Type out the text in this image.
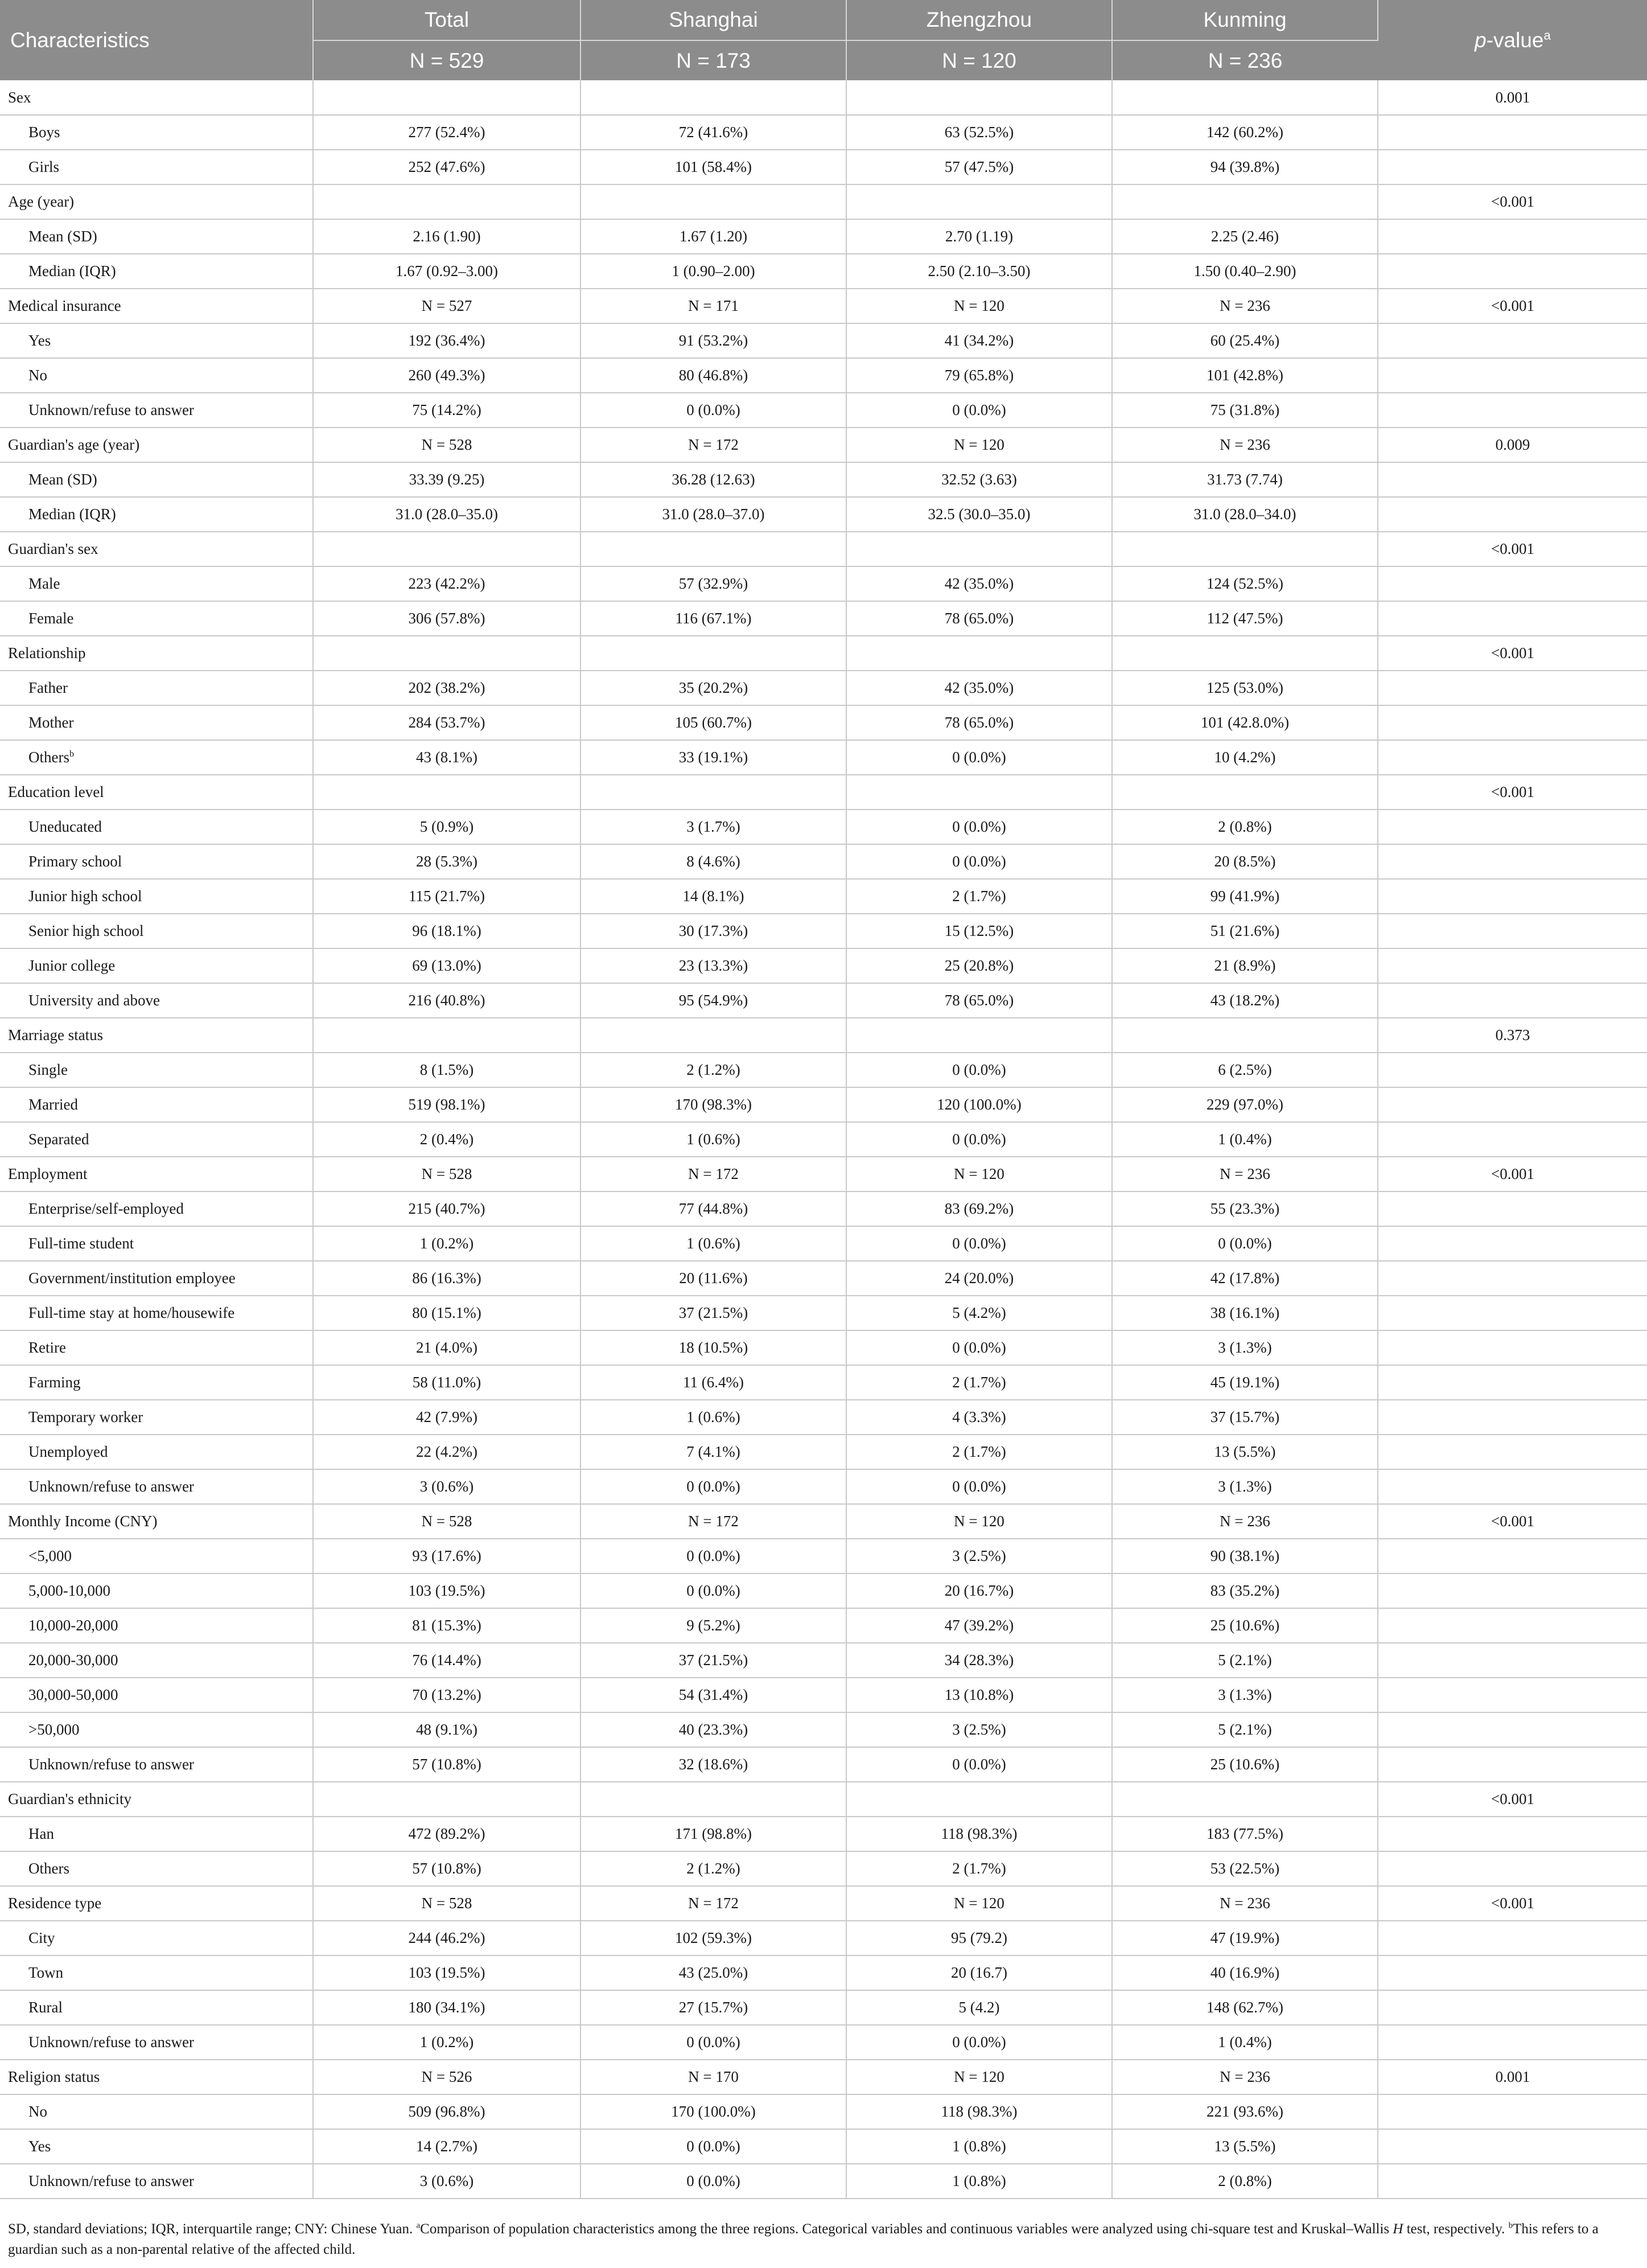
Characteristics	Total	Shanghai	Zhengzhou	Kunming	p-value$^a$
	N = 529	N = 173	N = 120	N = 236	
Sex					0.001
Boys	277 (52.4%)	72 (41.6%)	63 (52.5%)	142 (60.2%)	
Girls	252 (47.6%)	101 (58.4%)	57 (47.5%)	94 (39.8%)	
Age (year)					<0.001
Mean (SD)	2.16 (1.90)	1.67 (1.20)	2.70 (1.19)	2.25 (2.46)	
Median (IQR)	1.67 (0.92–3.00)	1 (0.90–2.00)	2.50 (2.10–3.50)	1.50 (0.40–2.90)	
Medical insurance	N = 527	N = 171	N = 120	N = 236	<0.001
Yes	192 (36.4%)	91 (53.2%)	41 (34.2%)	60 (25.4%)	
No	260 (49.3%)	80 (46.8%)	79 (65.8%)	101 (42.8%)	
Unknown/refuse to answer	75 (14.2%)	0 (0.0%)	0 (0.0%)	75 (31.8%)	
Guardian's age (year)	N = 528	N = 172	N = 120	N = 236	0.009
Mean (SD)	33.39 (9.25)	36.28 (12.63)	32.52 (3.63)	31.73 (7.74)	
Median (IQR)	31.0 (28.0–35.0)	31.0 (28.0–37.0)	32.5 (30.0–35.0)	31.0 (28.0–34.0)	
Guardian's sex					<0.001
Male	223 (42.2%)	57 (32.9%)	42 (35.0%)	124 (52.5%)	
Female	306 (57.8%)	116 (67.1%)	78 (65.0%)	112 (47.5%)	
Relationship					<0.001
Father	202 (38.2%)	35 (20.2%)	42 (35.0%)	125 (53.0%)	
Mother	284 (53.7%)	105 (60.7%)	78 (65.0%)	101 (42.8.0%)	
Others$^b$	43 (8.1%)	33 (19.1%)	0 (0.0%)	10 (4.2%)	
Education level					<0.001
Uneducated	5 (0.9%)	3 (1.7%)	0 (0.0%)	2 (0.8%)	
Primary school	28 (5.3%)	8 (4.6%)	0 (0.0%)	20 (8.5%)	
Junior high school	115 (21.7%)	14 (8.1%)	2 (1.7%)	99 (41.9%)	
Senior high school	96 (18.1%)	30 (17.3%)	15 (12.5%)	51 (21.6%)	
Junior college	69 (13.0%)	23 (13.3%)	25 (20.8%)	21 (8.9%)	
University and above	216 (40.8%)	95 (54.9%)	78 (65.0%)	43 (18.2%)	
Marriage status					0.373
Single	8 (1.5%)	2 (1.2%)	0 (0.0%)	6 (2.5%)	
Married	519 (98.1%)	170 (98.3%)	120 (100.0%)	229 (97.0%)	
Separated	2 (0.4%)	1 (0.6%)	0 (0.0%)	1 (0.4%)	
Employment	N = 528	N = 172	N = 120	N = 236	<0.001
Enterprise/self-employed	215 (40.7%)	77 (44.8%)	83 (69.2%)	55 (23.3%)	
Full-time student	1 (0.2%)	1 (0.6%)	0 (0.0%)	0 (0.0%)	
Government/institution employee	86 (16.3%)	20 (11.6%)	24 (20.0%)	42 (17.8%)	
Full-time stay at home/housewife	80 (15.1%)	37 (21.5%)	5 (4.2%)	38 (16.1%)	
Retire	21 (4.0%)	18 (10.5%)	0 (0.0%)	3 (1.3%)	
Farming	58 (11.0%)	11 (6.4%)	2 (1.7%)	45 (19.1%)	
Temporary worker	42 (7.9%)	1 (0.6%)	4 (3.3%)	37 (15.7%)	
Unemployed	22 (4.2%)	7 (4.1%)	2 (1.7%)	13 (5.5%)	
Unknown/refuse to answer	3 (0.6%)	0 (0.0%)	0 (0.0%)	3 (1.3%)	
Monthly Income (CNY)	N = 528	N = 172	N = 120	N = 236	<0.001
<5,000	93 (17.6%)	0 (0.0%)	3 (2.5%)	90 (38.1%)	
5,000-10,000	103 (19.5%)	0 (0.0%)	20 (16.7%)	83 (35.2%)	
10,000-20,000	81 (15.3%)	9 (5.2%)	47 (39.2%)	25 (10.6%)	
20,000-30,000	76 (14.4%)	37 (21.5%)	34 (28.3%)	5 (2.1%)	
30,000-50,000	70 (13.2%)	54 (31.4%)	13 (10.8%)	3 (1.3%)	
>50,000	48 (9.1%)	40 (23.3%)	3 (2.5%)	5 (2.1%)	
Unknown/refuse to answer	57 (10.8%)	32 (18.6%)	0 (0.0%)	25 (10.6%)	
Guardian's ethnicity					<0.001
Han	472 (89.2%)	171 (98.8%)	118 (98.3%)	183 (77.5%)	
Others	57 (10.8%)	2 (1.2%)	2 (1.7%)	53 (22.5%)	
Residence type	N = 528	N = 172	N = 120	N = 236	<0.001
City	244 (46.2%)	102 (59.3%)	95 (79.2)	47 (19.9%)	
Town	103 (19.5%)	43 (25.0%)	20 (16.7)	40 (16.9%)	
Rural	180 (34.1%)	27 (15.7%)	5 (4.2)	148 (62.7%)	
Unknown/refuse to answer	1 (0.2%)	0 (0.0%)	0 (0.0%)	1 (0.4%)	
Religion status	N = 526	N = 170	N = 120	N = 236	0.001
No	509 (96.8%)	170 (100.0%)	118 (98.3%)	221 (93.6%)	
Yes	14 (2.7%)	0 (0.0%)	1 (0.8%)	13 (5.5%)	
Unknown/refuse to answer	3 (0.6%)	0 (0.0%)	1 (0.8%)	2 (0.8%)	
SD, standard deviations; IQR, interquartile range; CNY: Chinese Yuan. $^a$Comparison of population characteristics among the three regions. Categorical variables and continuous variables were analyzed using chi-square test and Kruskal–Wallis H test, respectively. $^b$This refers to a guardian such as a non-parental relative of the affected child.
